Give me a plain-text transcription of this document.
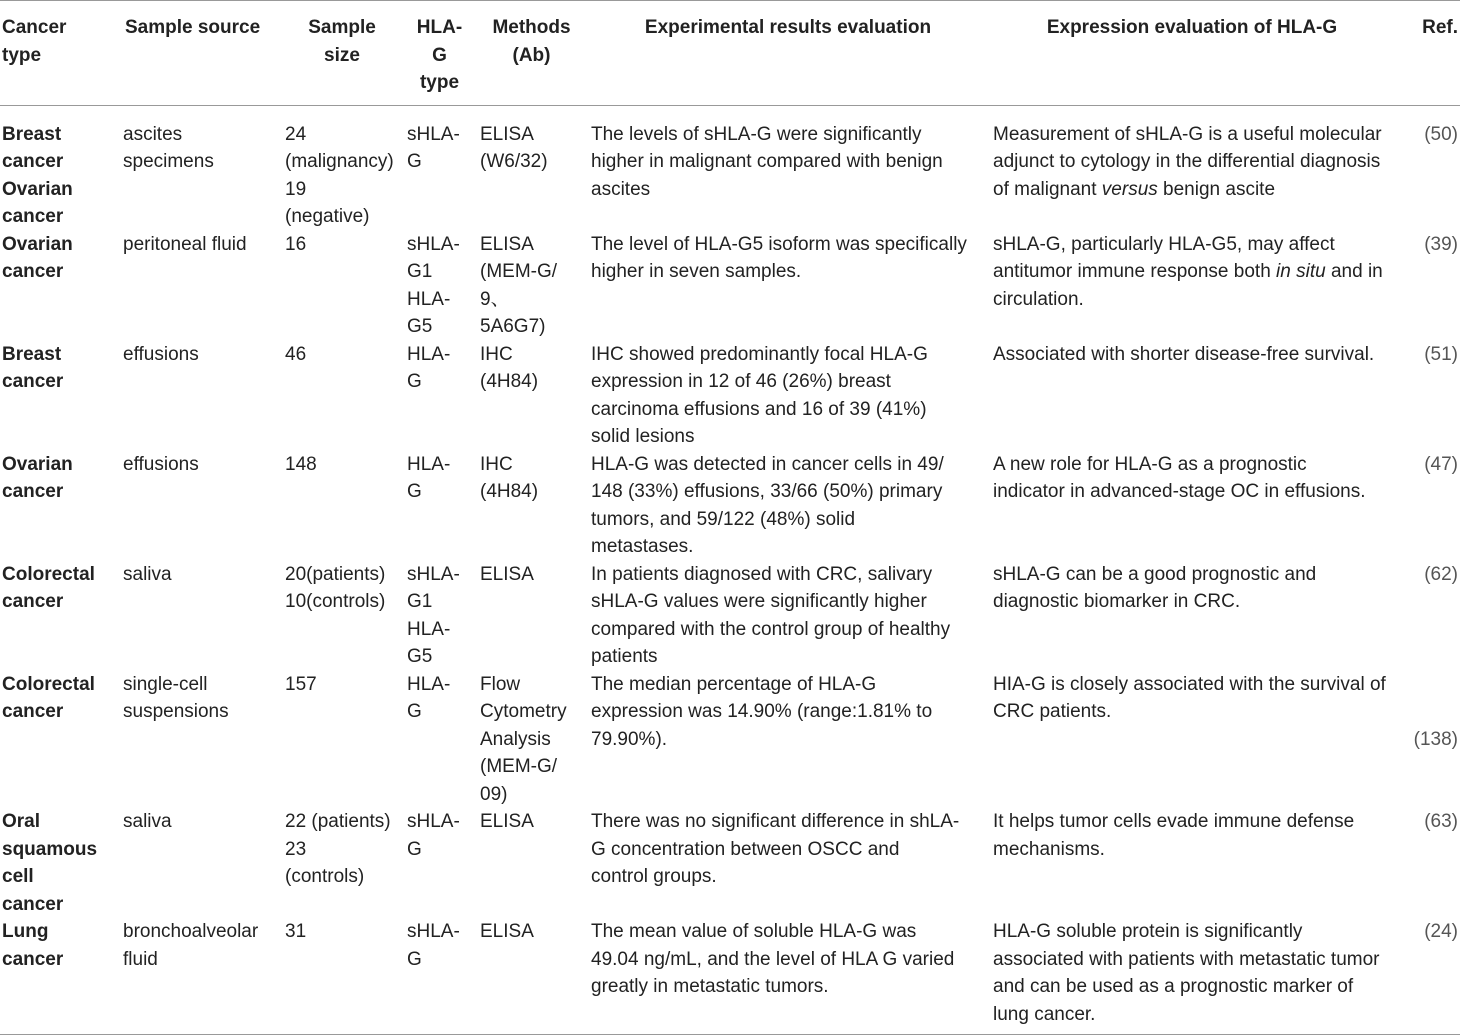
Cancer
type	Sample source	Sample
size	HLA-
G
type	Methods
(Ab)	Experimental results evaluation	Expression evaluation of HLA-G	Ref.

Breast
cancer
Ovarian
cancer	ascites
specimens	24
(malignancy)
19
(negative)	sHLA-
G	ELISA
(W6/32)	The levels of sHLA-G were significantly
higher in malignant compared with benign
ascites	Measurement of sHLA-G is a useful molecular
adjunct to cytology in the differential diagnosis
of malignant versus benign ascite	(50)

Ovarian
cancer	peritoneal fluid	16	sHLA-
G1
HLA-
G5	ELISA
(MEM-G/
9、
5A6G7)	The level of HLA-G5 isoform was specifically
higher in seven samples.	sHLA-G, particularly HLA-G5, may affect
antitumor immune response both in situ and in
circulation.	(39)

Breast
cancer	effusions	46	HLA-
G	IHC
(4H84)	IHC showed predominantly focal HLA-G
expression in 12 of 46 (26%) breast
carcinoma effusions and 16 of 39 (41%)
solid lesions	Associated with shorter disease-free survival.	(51)

Ovarian
cancer	effusions	148	HLA-
G	IHC
(4H84)	HLA-G was detected in cancer cells in 49/
148 (33%) effusions, 33/66 (50%) primary
tumors, and 59/122 (48%) solid
metastases.	A new role for HLA-G as a prognostic
indicator in advanced-stage OC in effusions.	(47)

Colorectal
cancer	saliva	20(patients)
10(controls)	sHLA-
G1
HLA-
G5	ELISA	In patients diagnosed with CRC, salivary
sHLA-G values were significantly higher
compared with the control group of healthy
patients	sHLA-G can be a good prognostic and
diagnostic biomarker in CRC.	(62)

Colorectal
cancer	single-cell
suspensions	157	HLA-
G	Flow
Cytometry
Analysis
(MEM-G/
09)	The median percentage of HLA-G
expression was 14.90% (range:1.81% to
79.90%).	HIA-G is closely associated with the survival of
CRC patients.	(138)

Oral
squamous
cell
cancer	saliva	22 (patients)
23
(controls)	sHLA-
G	ELISA	There was no significant difference in shLA-
G concentration between OSCC and
control groups.	It helps tumor cells evade immune defense
mechanisms.	(63)

Lung
cancer	bronchoalveolar
fluid	31	sHLA-
G	ELISA	The mean value of soluble HLA-G was
49.04 ng/mL, and the level of HLA G varied
greatly in metastatic tumors.	HLA-G soluble protein is significantly
associated with patients with metastatic tumor
and can be used as a prognostic marker of
lung cancer.	(24)
